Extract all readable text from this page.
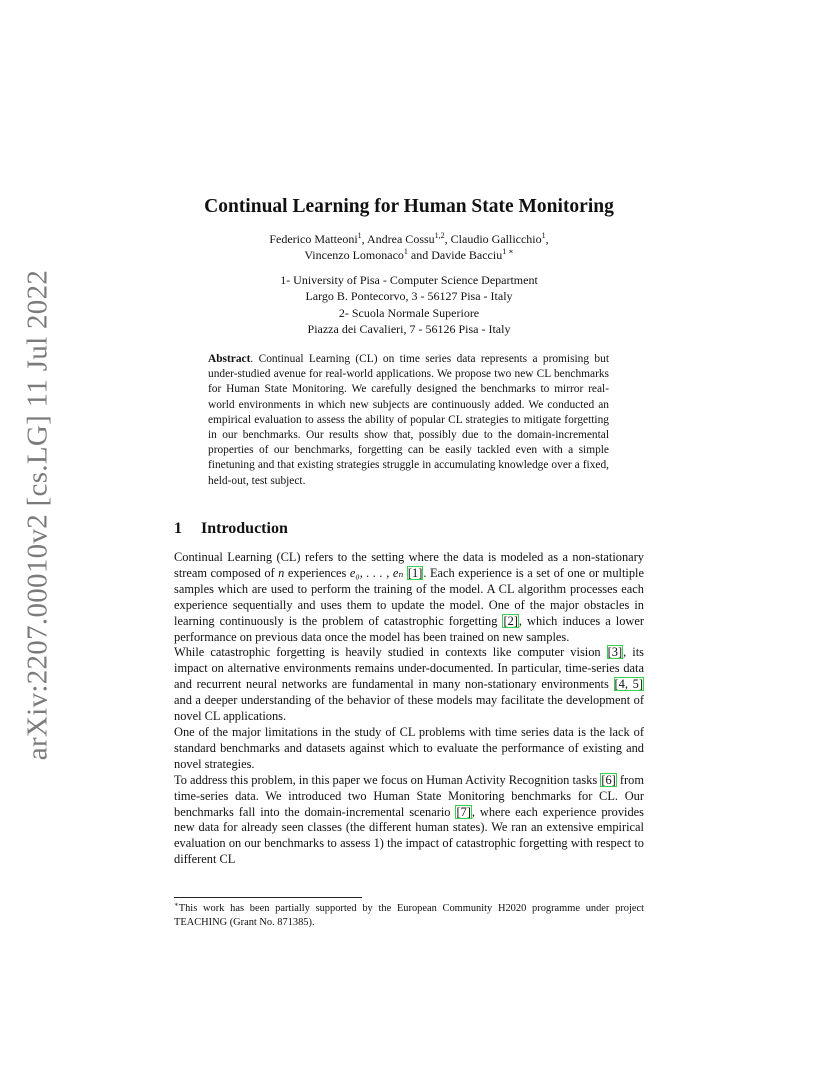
arXiv:2207.00010v2 [cs.LG] 11 Jul 2022
Continual Learning for Human State Monitoring
Federico Matteoni$^1$, Andrea Cossu$^{1,2}$, Claudio Gallicchio$^1$,
Vincenzo Lomonaco$^1$ and Davide Bacciu$^{1 ∗}$
1- University of Pisa - Computer Science Department
Largo B. Pontecorvo, 3 - 56127 Pisa - Italy
2- Scuola Normale Superiore
Piazza dei Cavalieri, 7 - 56126 Pisa - Italy
Abstract. Continual Learning (CL) on time series data represents a promising but under-studied avenue for real-world applications. We propose two new CL benchmarks for Human State Monitoring. We carefully designed the benchmarks to mirror real-world environments in which new subjects are continuously added. We conducted an empirical evaluation to assess the ability of popular CL strategies to mitigate forgetting in our benchmarks. Our results show that, possibly due to the domain-incremental properties of our benchmarks, forgetting can be easily tackled even with a simple finetuning and that existing strategies struggle in accumulating knowledge over a fixed, held-out, test subject.
1 Introduction

Continual Learning (CL) refers to the setting where the data is modeled as a non-stationary stream composed of n experiences e₀, . . . , eₙ [1]. Each experience is a set of one or multiple samples which are used to perform the training of the model. A CL algorithm processes each experience sequentially and uses them to update the model. One of the major obstacles in learning continuously is the problem of catastrophic forgetting [2], which induces a lower performance on previous data once the model has been trained on new samples.

While catastrophic forgetting is heavily studied in contexts like computer vision [3], its impact on alternative environments remains under-documented. In particular, time-series data and recurrent neural networks are fundamental in many non-stationary environments [4, 5] and a deeper understanding of the behavior of these models may facilitate the development of novel CL applications.

One of the major limitations in the study of CL problems with time series data is the lack of standard benchmarks and datasets against which to evaluate the performance of existing and novel strategies.

To address this problem, in this paper we focus on Human Activity Recognition tasks [6] from time-series data. We introduced two Human State Monitoring benchmarks for CL. Our benchmarks fall into the domain-incremental scenario [7], where each experience provides new data for already seen classes (the different human states). We ran an extensive empirical evaluation on our benchmarks to assess 1) the impact of catastrophic forgetting with respect to different CL

∗This work has been partially supported by the European Community H2020 programme under project TEACHING (Grant No. 871385).
